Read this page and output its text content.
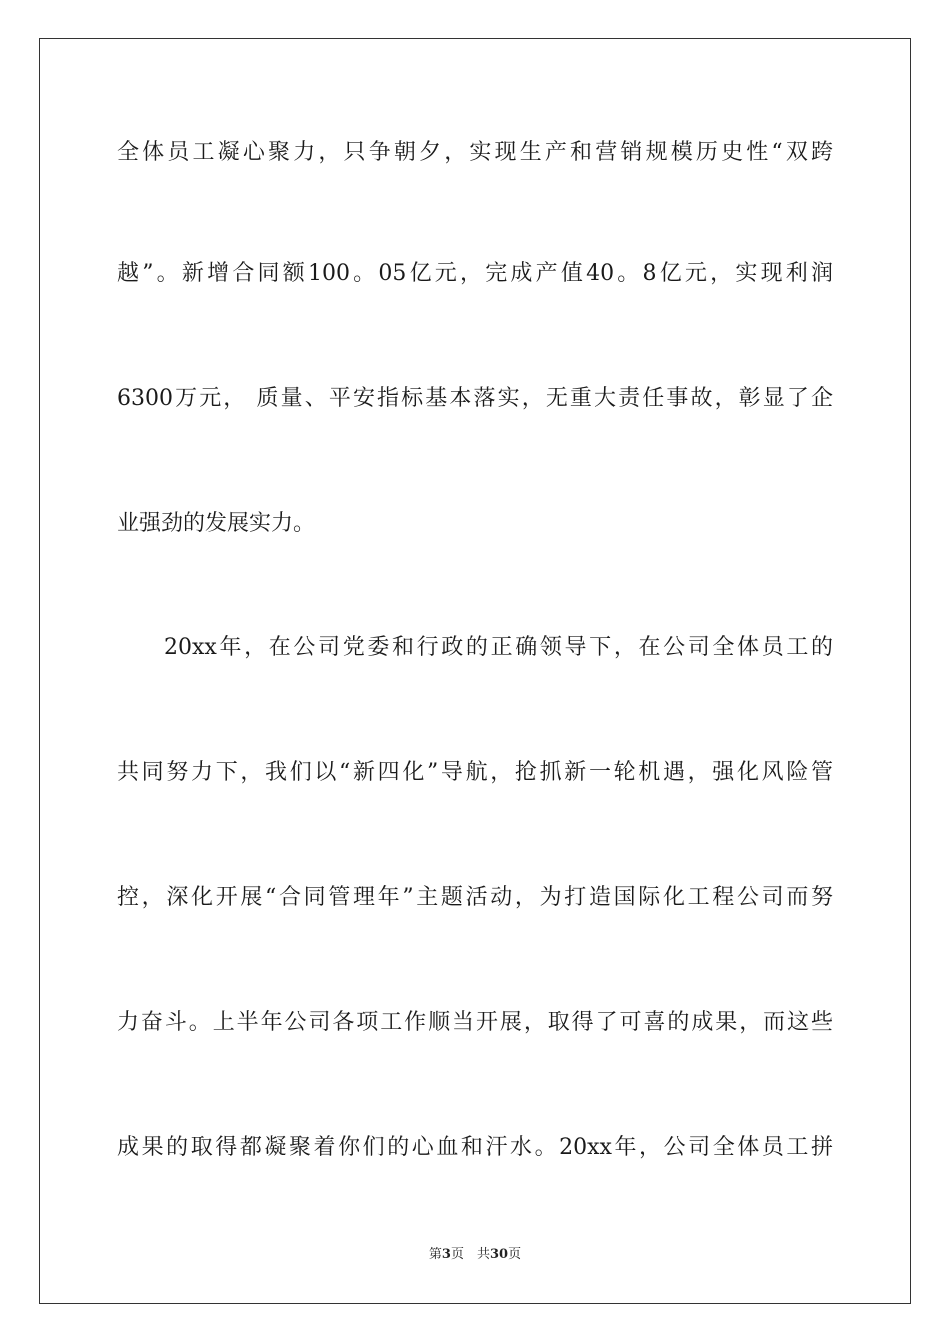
全体员工凝心聚力，只争朝夕，实现生产和营销规模历史性“双跨
越”。新增合同额100。05亿元，完成产值40。8亿元，实现利润
6300万元， 质量、平安指标基本落实，无重大责任事故，彰显了企
业强劲的发展实力。
20xx年，在公司党委和行政的正确领导下，在公司全体员工的
共同努力下，我们以“新四化”导航，抢抓新一轮机遇，强化风险管
控，深化开展“合同管理年”主题活动，为打造国际化工程公司而努
力奋斗。上半年公司各项工作顺当开展，取得了可喜的成果，而这些
成果的取得都凝聚着你们的心血和汗水。20xx年，公司全体员工拼
第3页　共30页
